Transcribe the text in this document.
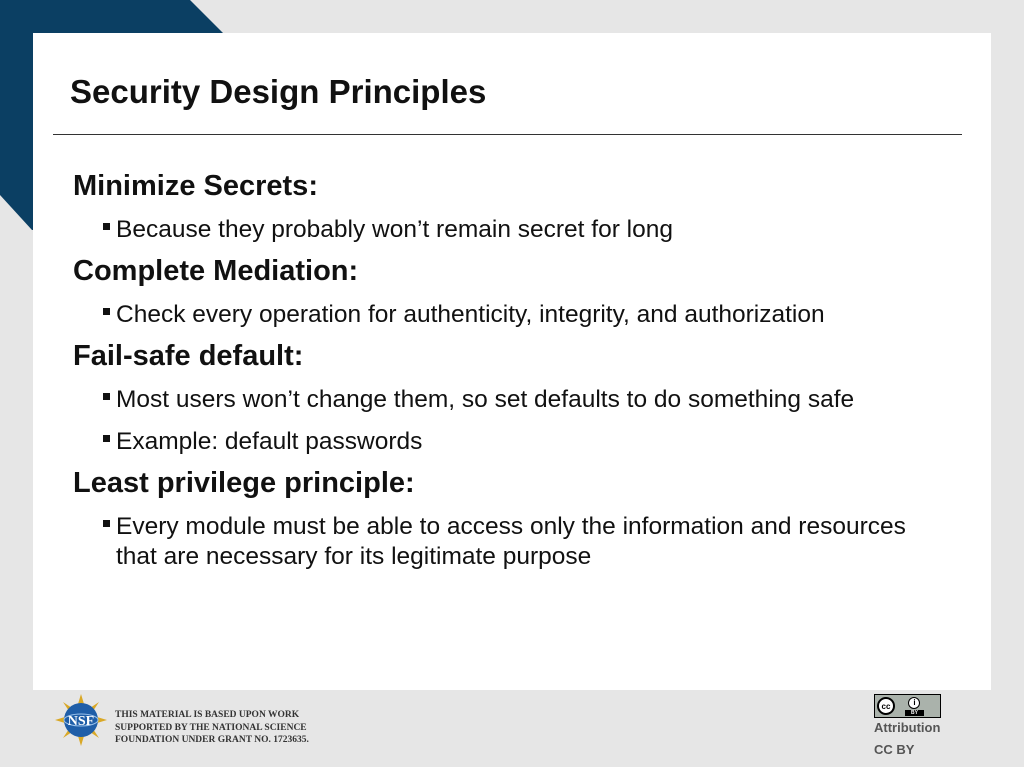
Security Design Principles
Minimize Secrets:
Because they probably won’t remain secret for long
Complete Mediation:
Check every operation for authenticity, integrity, and authorization
Fail-safe default:
Most users won’t change them, so set defaults to do something safe
Example: default passwords
Least privilege principle:
Every module must be able to access only the information and resources that are necessary for its legitimate purpose
NSF THIS MATERIAL IS BASED UPON WORK
SUPPORTED BY THE NATIONAL SCIENCE
FOUNDATION UNDER GRANT NO. 1723635.
cc	i
BY
Attribution
CC BY
